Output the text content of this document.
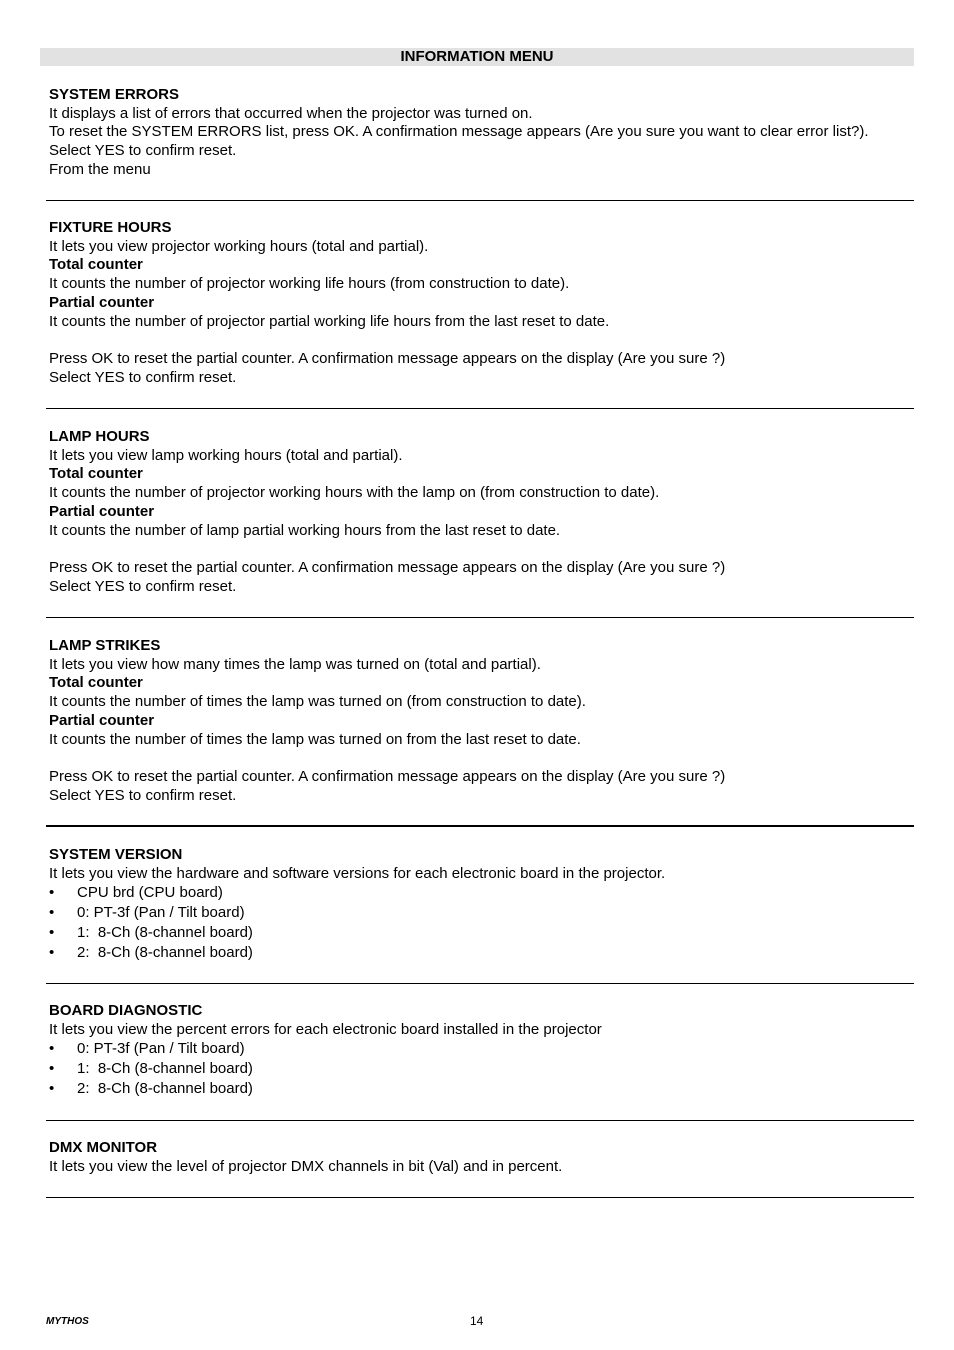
INFORMATION MENU
SYSTEM ERRORS
It displays a list of errors that occurred when the projector was turned on.
To reset the SYSTEM ERRORS list, press OK. A confirmation message appears (Are you sure you want to clear error list?). Select YES to confirm reset.
From the menu
FIXTURE HOURS
It lets you view projector working hours (total and partial).
Total counter
It counts the number of projector working life hours (from construction to date).
Partial counter
It counts the number of projector partial working life hours from the last reset to date.
Press OK to reset the partial counter. A confirmation message appears on the display (Are you sure ?)
Select YES to confirm reset.
LAMP HOURS
It lets you view lamp working hours (total and partial).
Total counter
It counts the number of projector working hours with the lamp on (from construction to date).
Partial counter
It counts the number of lamp partial working hours from the last reset to date.
Press OK to reset the partial counter. A confirmation message appears on the display (Are you sure ?)
Select YES to confirm reset.
LAMP STRIKES
It lets you view how many times the lamp was turned on (total and partial).
Total counter
It counts the number of times the lamp was turned on (from construction to date).
Partial counter
It counts the number of times the lamp was turned on from the last reset to date.
Press OK to reset the partial counter. A confirmation message appears on the display (Are you sure ?)
Select YES to confirm reset.
SYSTEM VERSION
It lets you view the hardware and software versions for each electronic board in the projector.
•
CPU brd (CPU board)
•
0: PT-3f (Pan / Tilt board)
•
1:  8-Ch (8-channel board)
•
2:  8-Ch (8-channel board)
BOARD DIAGNOSTIC
It lets you view the percent errors for each electronic board installed in the projector
•
0: PT-3f (Pan / Tilt board)
•
1:  8-Ch (8-channel board)
•
2:  8-Ch (8-channel board)
DMX MONITOR
It lets you view the level of projector DMX channels in bit (Val) and in percent.
MYTHOS	14
